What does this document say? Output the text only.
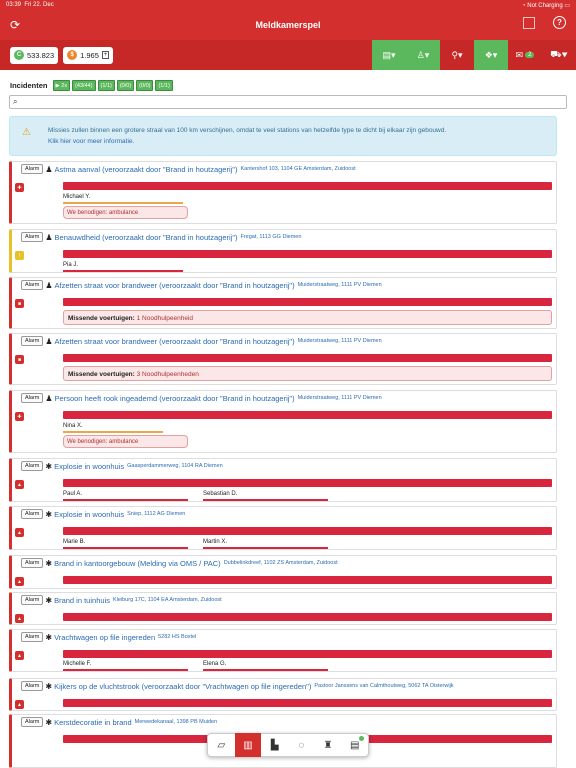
03:39 Fri 22. Dec	◔ Not Charging ▭
⟳	Meldkamerspel	?
C 533.823	$ 1.965 +	▤▾ ♙▾ ⚲▾ ❖▾ ✉ 2	⛟▾
Incidenten	▶ 2x	(43/44)	(1/1)	(0/0)	(0/0)	(1/1)
⌕
⚠	Missies zullen binnen een grotere straal van 100 km verschijnen, omdat te veel stations van hetzelfde type te dicht bij elkaar zijn gebouwd.
Klik hier voor meer informatie.
Alarm ♟ Astma aanval (veroorzaakt door "Brand in houtzagerij") Kantershof 103, 1104 GE Amsterdam, Zuidoost
✚
Michael Y.
We benodigen: ambulance
Alarm ♟ Benauwdheid (veroorzaakt door "Brand in houtzagerij") Fregat, 1113 GG Diemen
!
Pia J.
Alarm ♟ Afzetten straat voor brandweer (veroorzaakt door "Brand in houtzagerij") Muiderstraatweg, 1111 PV Diemen
■
Missende voertuigen: 1 Noodhulpeenheid
Alarm ♟ Afzetten straat voor brandweer (veroorzaakt door "Brand in houtzagerij") Muiderstraatweg, 1111 PV Diemen
■
Missende voertuigen: 3 Noodhulpeenheden
Alarm ♟ Persoon heeft rook ingeademd (veroorzaakt door "Brand in houtzagerij") Muiderstraatweg, 1111 PV Diemen
✚
Nina X.
We benodigen: ambulance
Alarm ✱ Explosie in woonhuis Gaasperdammerweg, 1104 RA Diemen
▲
Paul A.	Sebastian D.
Alarm ✱ Explosie in woonhuis Sniep, 1112 AG Diemen
▲
Marie B.	Martin X.
Alarm ✱ Brand in kantoorgebouw (Melding via OMS / PAC) Dubbelinkdreef, 1102 ZS Amsterdam, Zuidoost
▲
Alarm ✱ Brand in tuinhuis Kleiburg 17C, 1104 EA Amsterdam, Zuidoost
▲
Alarm ✱ Vrachtwagen op file ingereden 5282 HS Boxtel
▲
Michelle F.	Elena G.
Alarm ✱ Kijkers op de vluchtstrook (veroorzaakt door "Vrachtwagen op file ingereden") Pastoor Janssens van Calmthoutweg, 5062 TA Oisterwijk
▲
Alarm ✱ Kerstdecoratie in brand Merwedekanaal, 1398 PB Muiden
▱	▥	▙	◌	♜	▤
